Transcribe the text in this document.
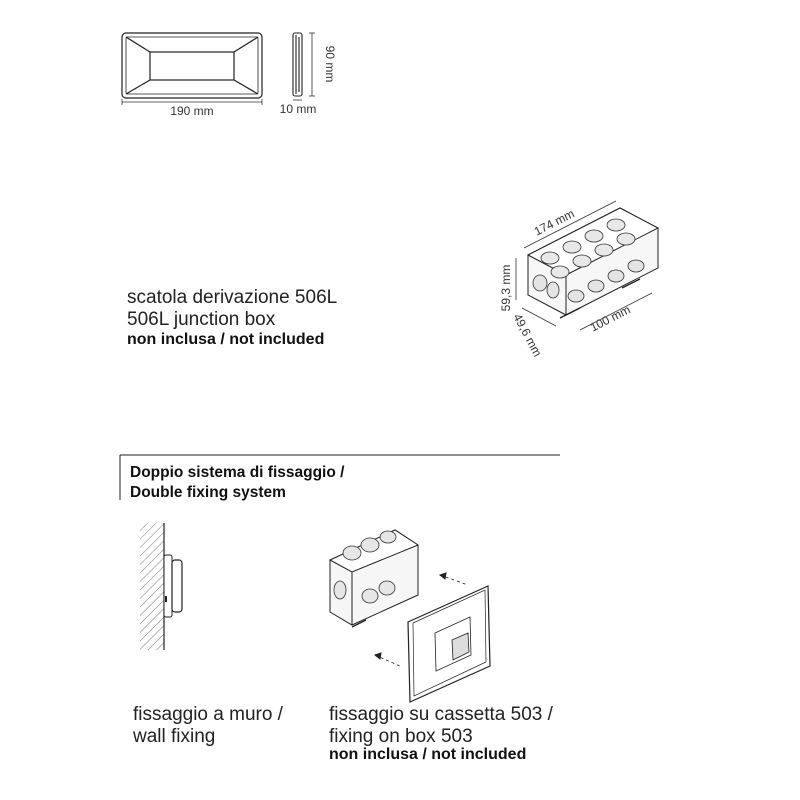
190 mm
90 mm
10 mm
174 mm
59,3 mm
49,6 mm	100 mm
scatola derivazione 506L
506L junction box
non inclusa / not included
Doppio sistema di fissaggio /
Double fixing system
fissaggio a muro /
wall fixing
fissaggio su cassetta 503 /
fixing on box 503
non inclusa / not included
